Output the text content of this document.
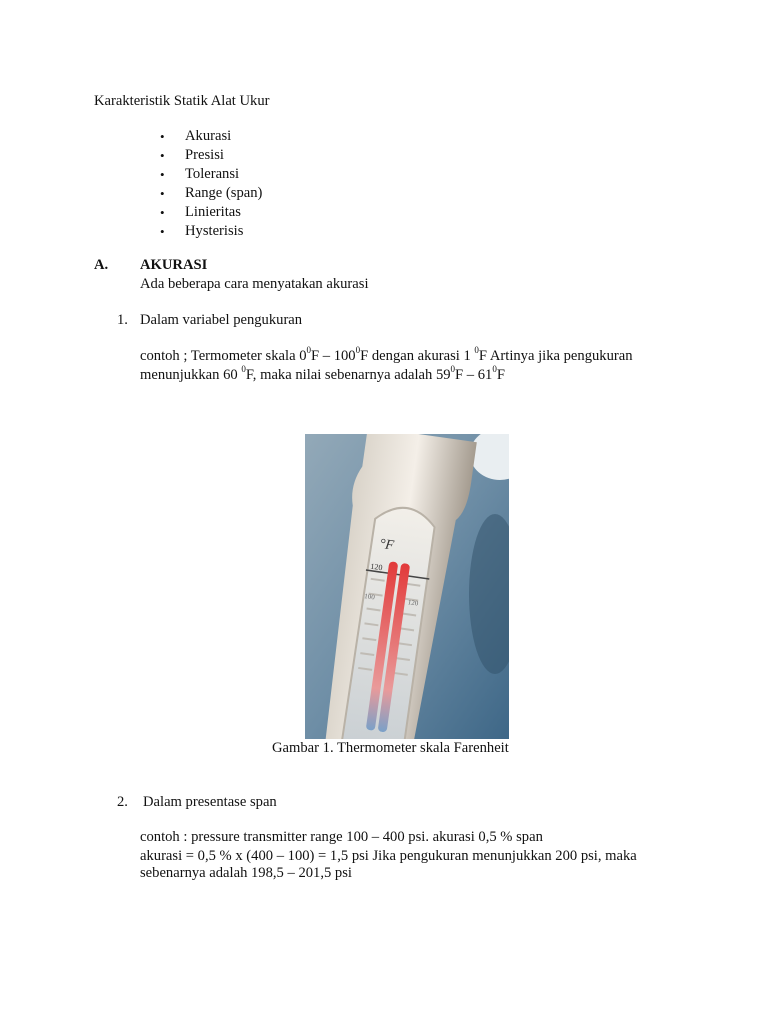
Karakteristik Statik Alat Ukur
• Akurasi
• Presisi
• Toleransi
• Range (span)
• Linieritas
• Hysterisis
A. AKURASI
Ada beberapa cara menyatakan akurasi
1. Dalam variabel pengukuran
contoh ; Termometer skala $0^0F - 100^0F$ dengan akurasi 1 $^0$F Artinya jika pengukuran
menunjukkan 60 $^0$F, maka nilai sebenarnya adalah $59^0F - 61^0F$
°F
120
100
120
Gambar 1. Thermometer skala Farenheit
2. Dalam presentase span
contoh : pressure transmitter range 100 – 400 psi. akurasi 0,5 % span
akurasi = 0,5 % x (400 – 100) = 1,5 psi Jika pengukuran menunjukkan 200 psi, maka
sebenarnya adalah 198,5 – 201,5 psi
